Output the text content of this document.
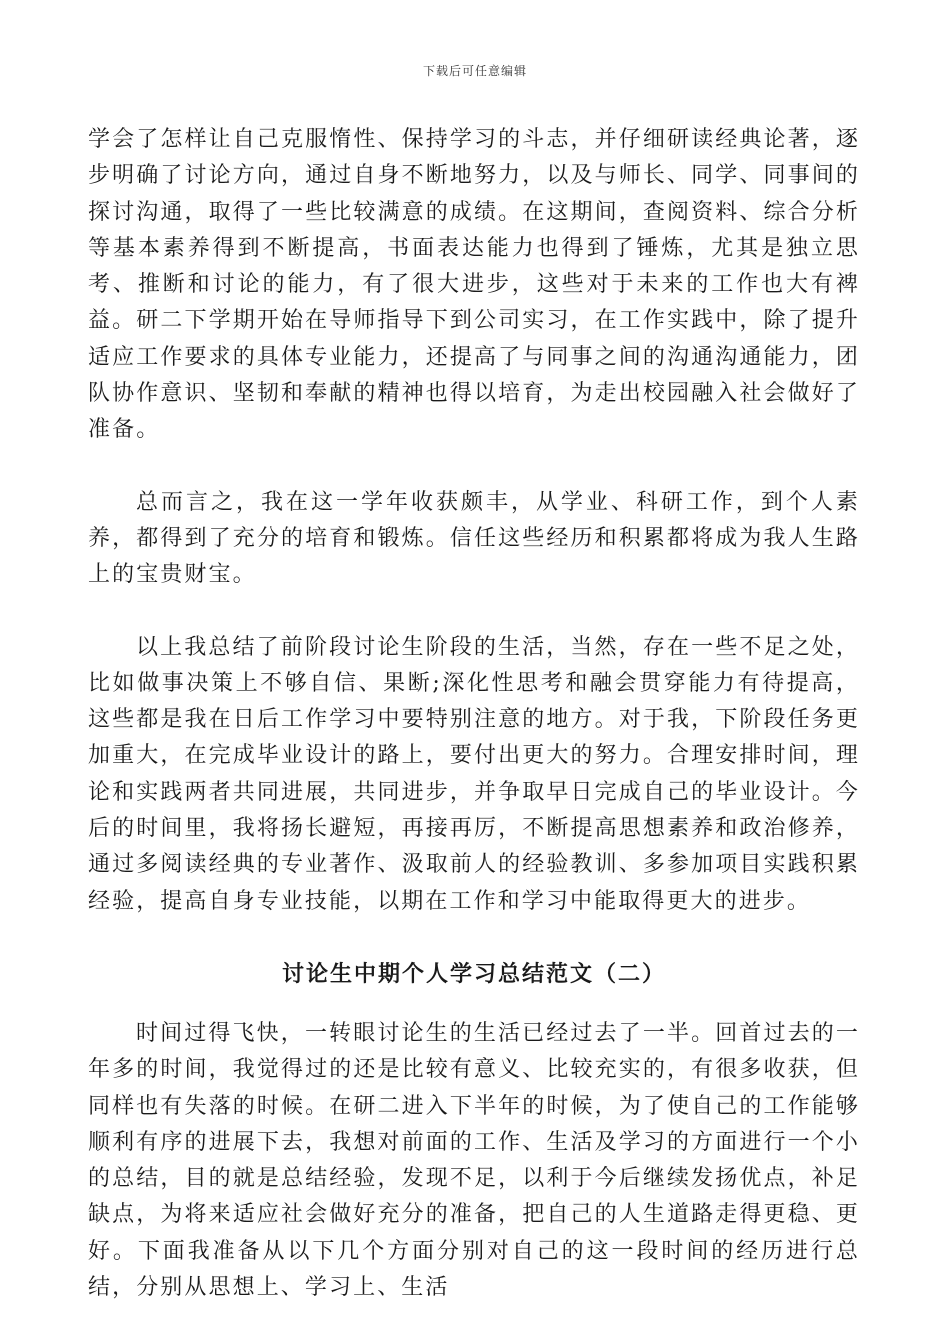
下载后可任意编辑

学会了怎样让自己克服惰性、保持学习的斗志，并仔细研读经典论著，逐步明确了讨论方向，通过自身不断地努力，以及与师长、同学、同事间的探讨沟通，取得了一些比较满意的成绩。在这期间，查阅资料、综合分析等基本素养得到不断提高，书面表达能力也得到了锤炼，尤其是独立思考、推断和讨论的能力，有了很大进步，这些对于未来的工作也大有裨益。研二下学期开始在导师指导下到公司实习，在工作实践中，除了提升适应工作要求的具体专业能力，还提高了与同事之间的沟通沟通能力，团队协作意识、坚韧和奉献的精神也得以培育，为走出校园融入社会做好了准备。

总而言之，我在这一学年收获颇丰，从学业、科研工作，到个人素养，都得到了充分的培育和锻炼。信任这些经历和积累都将成为我人生路上的宝贵财宝。

以上我总结了前阶段讨论生阶段的生活，当然，存在一些不足之处，比如做事决策上不够自信、果断;深化性思考和融会贯穿能力有待提高，这些都是我在日后工作学习中要特别注意的地方。对于我，下阶段任务更加重大，在完成毕业设计的路上，要付出更大的努力。合理安排时间，理论和实践两者共同进展，共同进步，并争取早日完成自己的毕业设计。今后的时间里，我将扬长避短，再接再厉，不断提高思想素养和政治修养，通过多阅读经典的专业著作、汲取前人的经验教训、多参加项目实践积累经验，提高自身专业技能，以期在工作和学习中能取得更大的进步。

讨论生中期个人学习总结范文（二）

时间过得飞快，一转眼讨论生的生活已经过去了一半。回首过去的一年多的时间，我觉得过的还是比较有意义、比较充实的，有很多收获，但同样也有失落的时候。在研二进入下半年的时候，为了使自己的工作能够顺利有序的进展下去，我想对前面的工作、生活及学习的方面进行一个小的总结，目的就是总结经验，发现不足，以利于今后继续发扬优点，补足缺点，为将来适应社会做好充分的准备，把自己的人生道路走得更稳、更好。下面我准备从以下几个方面分别对自己的这一段时间的经历进行总结，分别从思想上、学习上、生活
